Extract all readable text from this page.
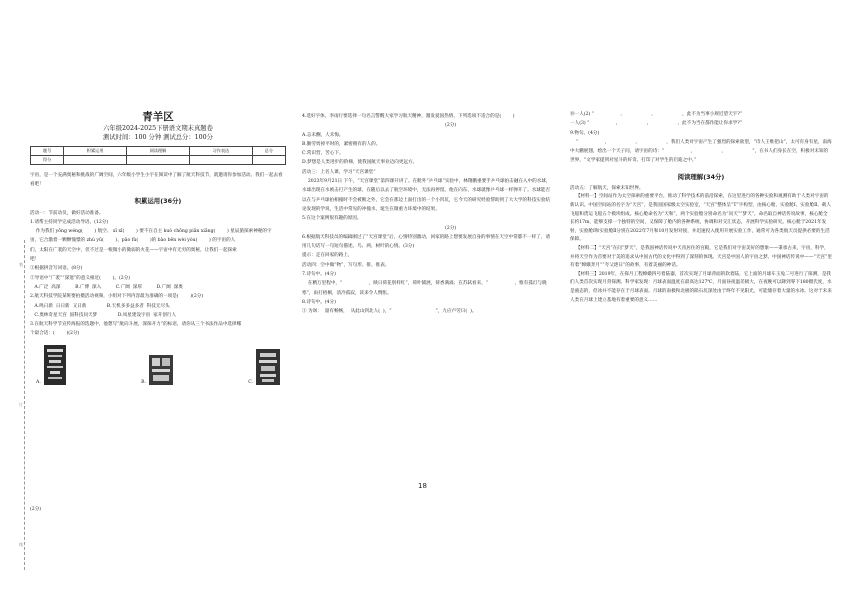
装
订
线
青羊区
六年级2024-2025下册语文期末真题卷
测试时间：100 分钟 测试总分：100分
题号	积累运用	阅读理解	习作表达	总分
得分				
宇宙，是一个充满奥秘和挑战的广阔空间，六年级小学生小宇在阅读中了解了航天科技节，就邀请你参加活动。我们一起去看看吧！
积累运用(36分)
活动一：节前动员，做好活动准备。
1.请帮主持同学完成活动导语。(12分)
作为我们 yōng wéng(        ) 航空、 xī xī(        ) 要不在自主 kuò chōng piān xiǎng(        ) 星辰旅探索神秘的宇
宙，它合激着一颗颗憧憬的 zhù yǔ(        )、pāo fù(        )的 bào bēn wèi yóu(        ) 的宇宙的人
们，太阳在广袤的天空中，但不过是一根微小的微弱的火花——宇宙中有无穷的奥秘，让我们一起探索
吧！
①根据拼音写词语。(8分)
②导语中“广袤”“深邃”的意义相近(        )。(2分)
A.广泛  高深          B.广博  深入          C.广阔  深厚          D.广阔  深奥
2.航天科技学院某班要拍摄活动视频，小组对下列内容最为准确的一项是(        )(2分)
A.鸣日新  日日新  又日新              B.天机多多益多者  科技无尽头
C.奥林奇星天宫  国科技问天梦              D.凤星建设宇宙  家开创行人
3.在航天科学节宣传海报的选题中，他想写“航向斗展，深探开力”的标语，请你从三个书法作品中选择哪
个最合适：(        )(2分)
A.	B.	C.
(2分)
4.选好字体，李雨行要选择一句名言警醒大家学习航天精神，激发爱国热情，下列选项不适合的是(        )
(2分)
A.志未酬，人未悔。
B.勤劳剪掉平时的，紧密拥有的人的。
C.常识营，苦心下。
D.梦想是人类进步的阶梯，使我国航天事业迈向更远方。
活动三：上名人课，学习“天宫课堂”
2023年9月21日 下午，“天宫课堂”第四课开讲了。在舱外“乒乓球”实验中，林翔鹏重要手乒乓球拍击融在入中的水球，水球出现在水被击打产生的球，在随后以去了航空环境中，无法再停留。他在向东，水球就像乒乓球一样弹开了。水球能否以在与乒乓球拍相撞时不会被断之外，它会在那边上面打出的一个小凹坑，它今天的研究经验帮助到了大大学的科技实验结论发现的学说，生活中常见的冲撞水，诞生在微重力环境中的结果。
5.在这个案例很有趣的原因。
(2分)
6.根据航天科技员的编辑刚过了“天宫课堂”后，心情特别激动，回家的路上想要发展自身的事情在天空中常都不一样了，请用几句话写一句短句描述。鸟、两、树叶的心情。(3分)
提示：走在回家的路上，
活动四：空中做“物”，写句形、排、推表。
7.诗句中。(4分)
在精万里程中，“                  ，映日荷花别样红”，荷叶铺展，荷香满溢；在苏轼看来，“                  ，惟有孤灯与晓寒”，雨打梧桐，清冷孤寂，读来令人惆怅。
8.诗句中。(4分)
① 为讽：  量有畅畅，  从此山到北人(  )，“                              ”，九应卢劳曰(  )。
⑩一人(2) “                  ，                  ，                  ，此不为当事小规近望天宇?”
一人(3) “                  ，                  ，                  ，此不为当在都作能让你求学?”
9.物句。(4分)
“                  ，                  ，                  ，我们人类对宇宙产生了强烈的探索欲望，“诗人王维把山”，太可有身有星，南海中大鹏展翅，绘出一个天子问，请宇宙的诗：“                  ，                  ，                  ”，在书人们身长在空，积极对未知的世界，“文学家提到对星斗的好奇。打印了对学生的启迪之中。”
阅读理解(34分)
活动五：了解航天，探索未知世界。
【材料一】空间站作为太空探索的重要平台，推动了科学技术的前沿探索，在这里进行的各种实验和观测有助于人类对宇宙的新认识。中国空间站的名字为“天宫”，是我国国家级太空实验室，“天宫”整体呈“T”字构型，由核心舱、实验舱Ⅰ、实验舱Ⅱ、载人飞船和货运飞船五个模块组成。核心舱命名为“天和”，两个实验舱分别命名为“问天”“梦天”，命名取自神话传说故事，核心舱全长约17m，能够支撑一个独特的空间，又保障了舱内的各种系统，协调和对交汇状态，开展科学实验研究。核心舱于2021年发射，实验舱Ⅰ和实验舱Ⅱ分别在2022年7月和10月发射对接，并迅速投入使用开展实验工作，通常可为各类航天员提供必要的生活保障。
【材料二】“天宫”在问“梦天”，是我国神话传说中天帝居住的宫殿，它是我们对宇宙美好的想象——秉承古来，宇宙，科学，并将天空作为首要对于美的追求从中国古代的文化中得到了深刻的体现。天宫是中国人的宇宙之梦。中国神话传说中——“天宫”里有着“嫦娥奔月”“夸父逐日”的故事，有着美丽的神话。
【材料三】2019年，在探月工程嫦娥四号着陆器，首次实现了月球背面的软着陆，它上面的月球车玉兔二号进行了探测，是我们人类首次实现月背探测。科学家发现：月球表面温度在最高达127℃，月面昼夜温差极大，在夜晚可以降到零下180摄氏度，水是液态的，但冰并不能存在于月球表面。月球的南极和北极的陨石坑深处由于终年不见阳光，可能储存着大量的水冰，这对于未来人类在月球上建立基地有着重要的意义……
18
